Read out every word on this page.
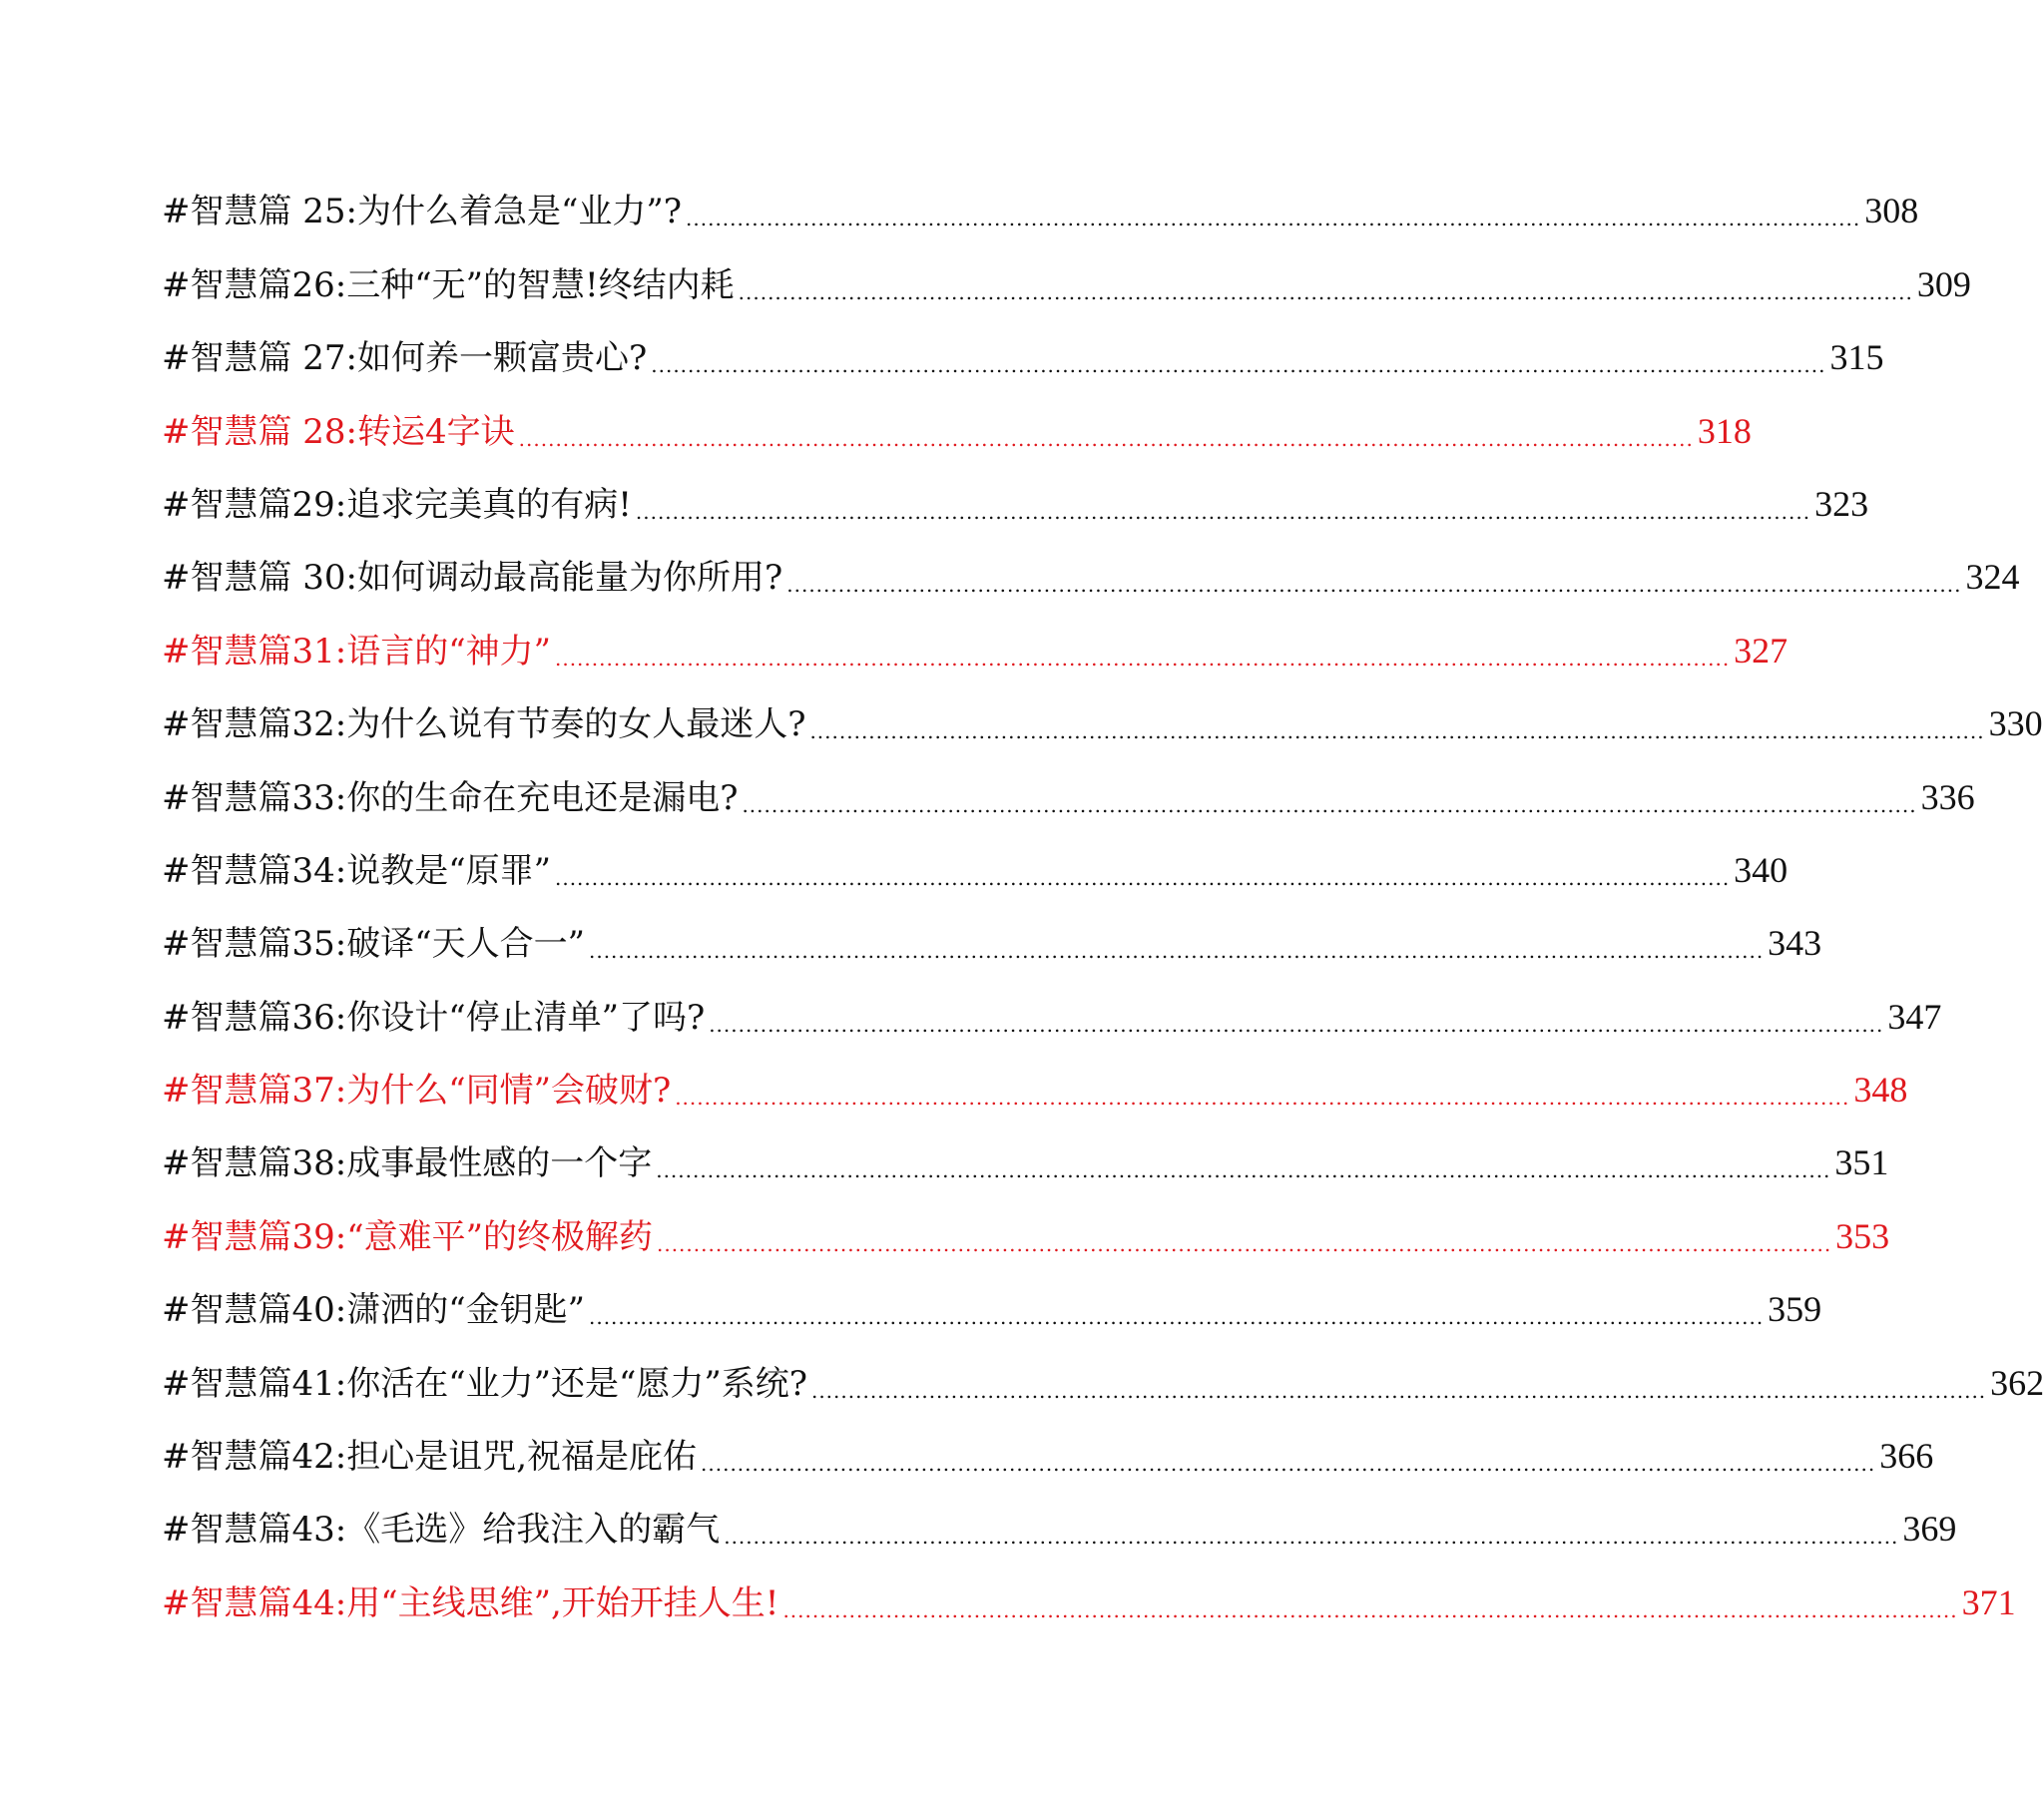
#智慧篇 25:为什么着急是“业力”? ................................................................................................................................................................ 308
#智慧篇26:三种“无”的智慧!终结内耗 ................................................................................................................................................................ 309
#智慧篇 27:如何养一颗富贵心? ................................................................................................................................................................ 315
#智慧篇 28:转运4字诀 ................................................................................................................................................................ 318
#智慧篇29:追求完美真的有病! ................................................................................................................................................................ 323
#智慧篇 30:如何调动最高能量为你所用? ................................................................................................................................................................ 324
#智慧篇31:语言的“神力” ................................................................................................................................................................ 327
#智慧篇32:为什么说有节奏的女人最迷人? ................................................................................................................................................................ 330
#智慧篇33:你的生命在充电还是漏电? ................................................................................................................................................................ 336
#智慧篇34:说教是“原罪” ................................................................................................................................................................ 340
#智慧篇35:破译“天人合一” ................................................................................................................................................................ 343
#智慧篇36:你设计“停止清单”了吗? ................................................................................................................................................................ 347
#智慧篇37:为什么“同情”会破财? ................................................................................................................................................................ 348
#智慧篇38:成事最性感的一个字 ................................................................................................................................................................ 351
#智慧篇39:“意难平”的终极解药 ................................................................................................................................................................ 353
#智慧篇40:潇洒的“金钥匙” ................................................................................................................................................................ 359
#智慧篇41:你活在“业力”还是“愿力”系统? ................................................................................................................................................................ 362
#智慧篇42:担心是诅咒,祝福是庇佑 ................................................................................................................................................................ 366
#智慧篇43:《毛选》给我注入的霸气 ................................................................................................................................................................ 369
#智慧篇44:用“主线思维”,开始开挂人生! ................................................................................................................................................................ 371
